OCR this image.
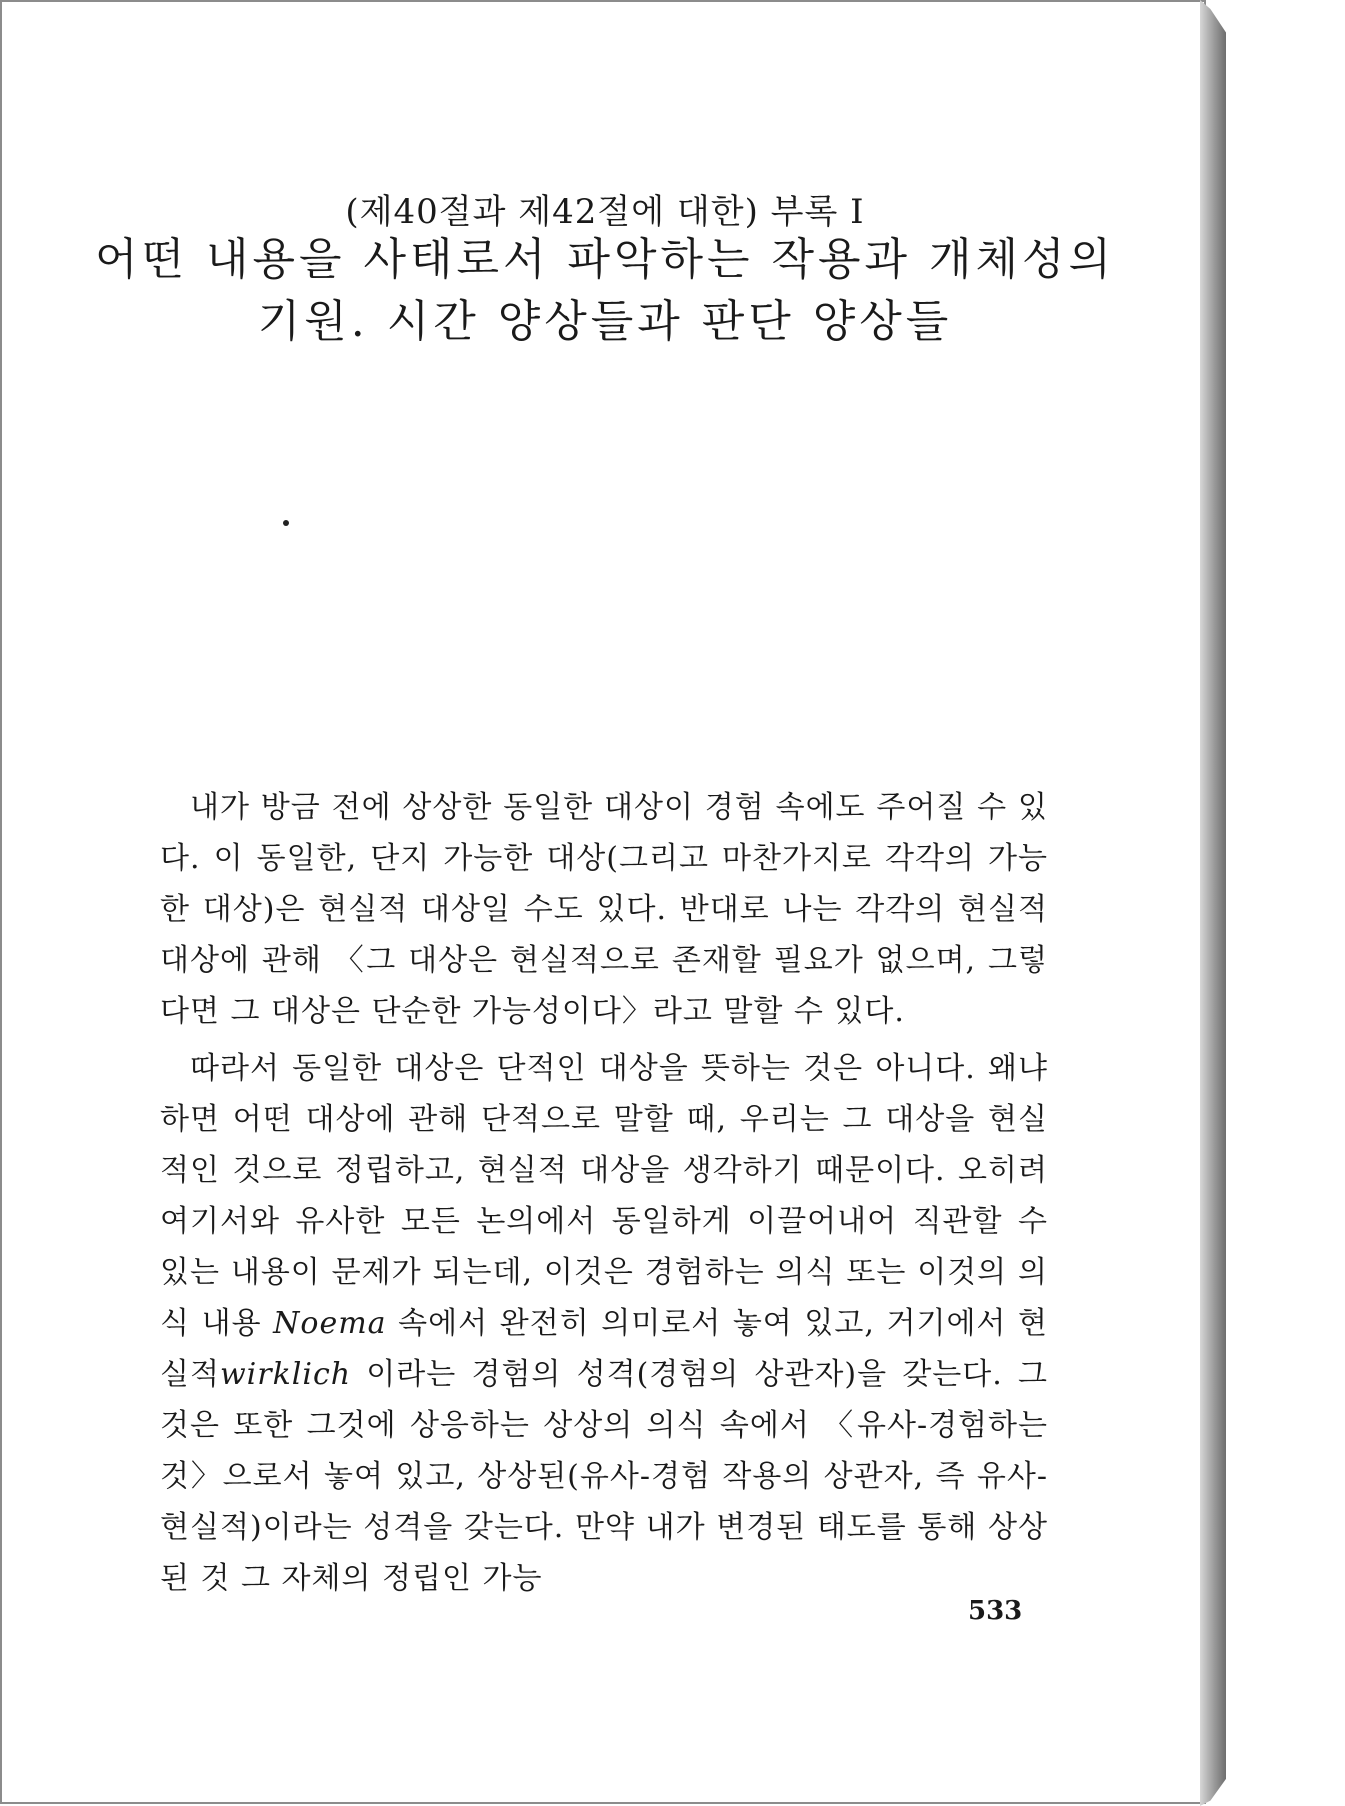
(제40절과 제42절에 대한) 부록 I
어떤 내용을 사태로서 파악하는 작용과 개체성의
기원. 시간 양상들과 판단 양상들

내가 방금 전에 상상한 동일한 대상이 경험 속에도 주어질 수 있다. 이 동일한, 단지 가능한 대상(그리고 마찬가지로 각각의 가능한 대상)은 현실적 대상일 수도 있다. 반대로 나는 각각의 현실적 대상에 관해 〈그 대상은 현실적으로 존재할 필요가 없으며, 그렇다면 그 대상은 단순한 가능성이다〉라고 말할 수 있다.

따라서 동일한 대상은 단적인 대상을 뜻하는 것은 아니다. 왜냐하면 어떤 대상에 관해 단적으로 말할 때, 우리는 그 대상을 현실적인 것으로 정립하고, 현실적 대상을 생각하기 때문이다. 오히려 여기서와 유사한 모든 논의에서 동일하게 이끌어내어 직관할 수 있는 내용이 문제가 되는데, 이것은 경험하는 의식 또는 이것의 의식 내용 Noema 속에서 완전히 의미로서 놓여 있고, 거기에서 현실적wirklich 이라는 경험의 성격(경험의 상관자)을 갖는다. 그것은 또한 그것에 상응하는 상상의 의식 속에서 〈유사-경험하는 것〉으로서 놓여 있고, 상상된(유사-경험 작용의 상관자, 즉 유사-현실적)이라는 성격을 갖는다. 만약 내가 변경된 태도를 통해 상상된 것 그 자체의 정립인 가능

533
